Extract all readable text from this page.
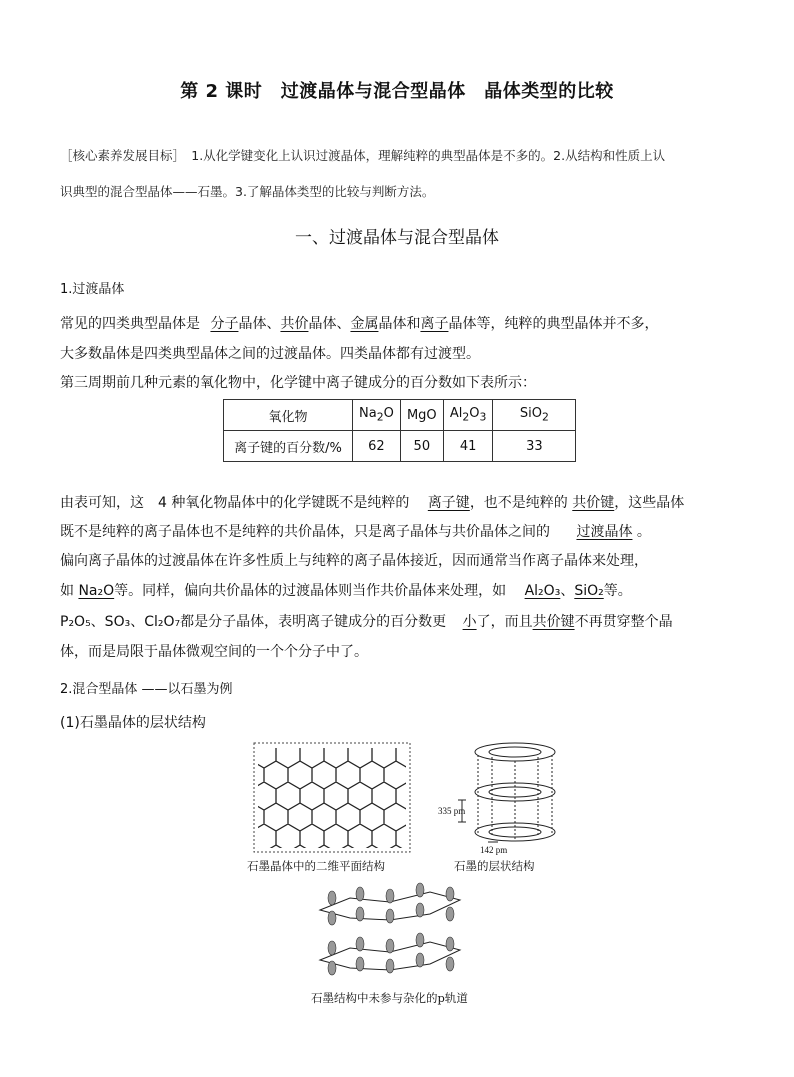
第 2 课时　过渡晶体与混合型晶体　晶体类型的比较
［核心素养发展目标］　1.从化学键变化上认识过渡晶体，理解纯粹的典型晶体是不多的。2.从结构和性质上认
识典型的混合型晶体——石墨。3.了解晶体类型的比较与判断方法。
一、过渡晶体与混合型晶体
1.过渡晶体
常见的四类典型晶体是 分子晶体、共价晶体、金属晶体和离子晶体等，纯粹的典型晶体并不多，
大多数晶体是四类典型晶体之间的过渡晶体。四类晶体都有过渡型。
第三周期前几种元素的氧化物中，化学键中离子键成分的百分数如下表所示：
氧化物	$Na_2O$	MgO	$Al_2O_3$	SiO$_2$
离子键的百分数/%	62	50	41	33
由表可知，这　4 种氧化物晶体中的化学键既不是纯粹的 离子键，也不是纯粹的 共价键，这些晶体
既不是纯粹的离子晶体也不是纯粹的共价晶体，只是离子晶体与共价晶体之间的 过渡晶体 。
偏向离子晶体的过渡晶体在许多性质上与纯粹的离子晶体接近，因而通常当作离子晶体来处理，
如 Na₂O等。同样，偏向共价晶体的过渡晶体则当作共价晶体来处理，如 Al₂O₃、SiO₂等。
P₂O₅、SO₃、Cl₂O₇都是分子晶体，表明离子键成分的百分数更 小了，而且共价键不再贯穿整个晶
体，而是局限于晶体微观空间的一个个分子中了。
2.混合型晶体 ——以石墨为例
(1)石墨晶体的层状结构
石墨晶体中的二维平面结构
335 pm
142 pm
石墨的层状结构
石墨结构中未参与杂化的p轨道
